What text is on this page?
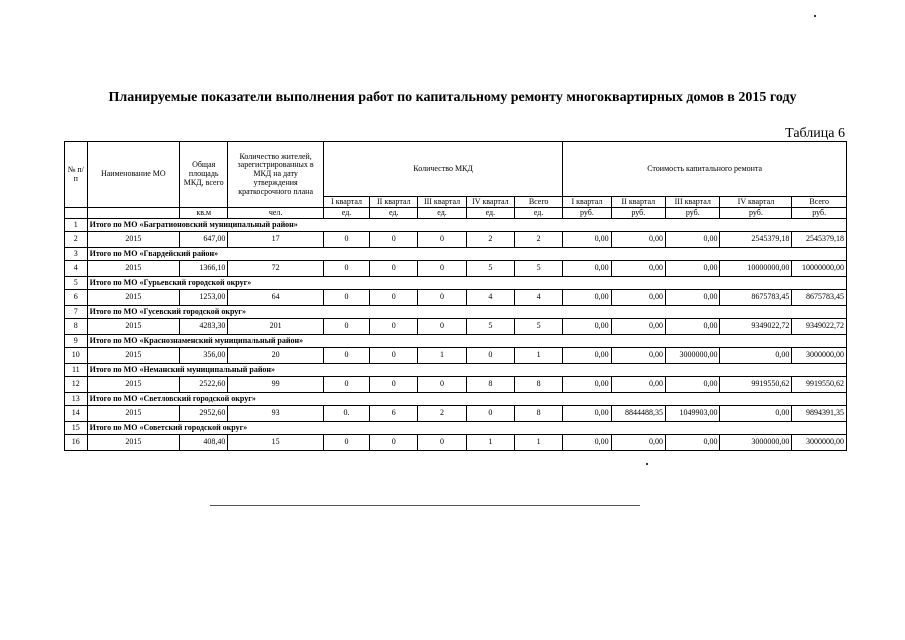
Планируемые показатели выполнения работ по капитальному ремонту многоквартирных домов в 2015 году
Таблица 6
№ п/п	Наименование МО	Общая площадь МКД, всего	Количество жителей, зарегистрированных в МКД на дату утверждения краткосрочного плана	Количество МКД					Стоимость капитального ремонта				
				I квартал	II квартал	III квартал	IV квартал	Всего	I квартал	II квартал	III квартал	IV квартал	Всего
		кв.м	чел.	ед.	ед.	ед.	ед.	ед.	руб.	руб.	руб.	руб.	руб.
1	Итого по МО «Багратионовский муниципальный район»												
2	2015	647,00	17	0	0	0	2	2	0,00	0,00	0,00	2545379,18	2545379,18
3	Итого по МО «Гвардейский район»												
4	2015	1366,10	72	0	0	0	5	5	0,00	0,00	0,00	10000000,00	10000000,00
5	Итого по МО «Гурьевский городской округ»												
6	2015	1253,00	64	0	0	0	4	4	0,00	0,00	0,00	8675783,45	8675783,45
7	Итого по МО «Гусевский городской округ»												
8	2015	4283,30	201	0	0	0	5	5	0,00	0,00	0,00	9349022,72	9349022,72
9	Итого по МО «Краснознаменский муниципальный район»												
10	2015	356,00	20	0	0	1	0	1	0,00	0,00	3000000,00	0,00	3000000,00
11	Итого по МО «Неманский муниципальный район»												
12	2015	2522,60	99	0	0	0	8	8	0,00	0,00	0,00	9919550,62	9919550,62
13	Итого по МО «Светловский городской округ»												
14	2015	2952,60	93	0.	6	2	0	8	0,00	8844488,35	1049903,00	0,00	9894391,35
15	Итого по МО «Советский городской округ»												
16	2015	408,40	15	0	0	0	1	1	0,00	0,00	0,00	3000000,00	3000000,00
